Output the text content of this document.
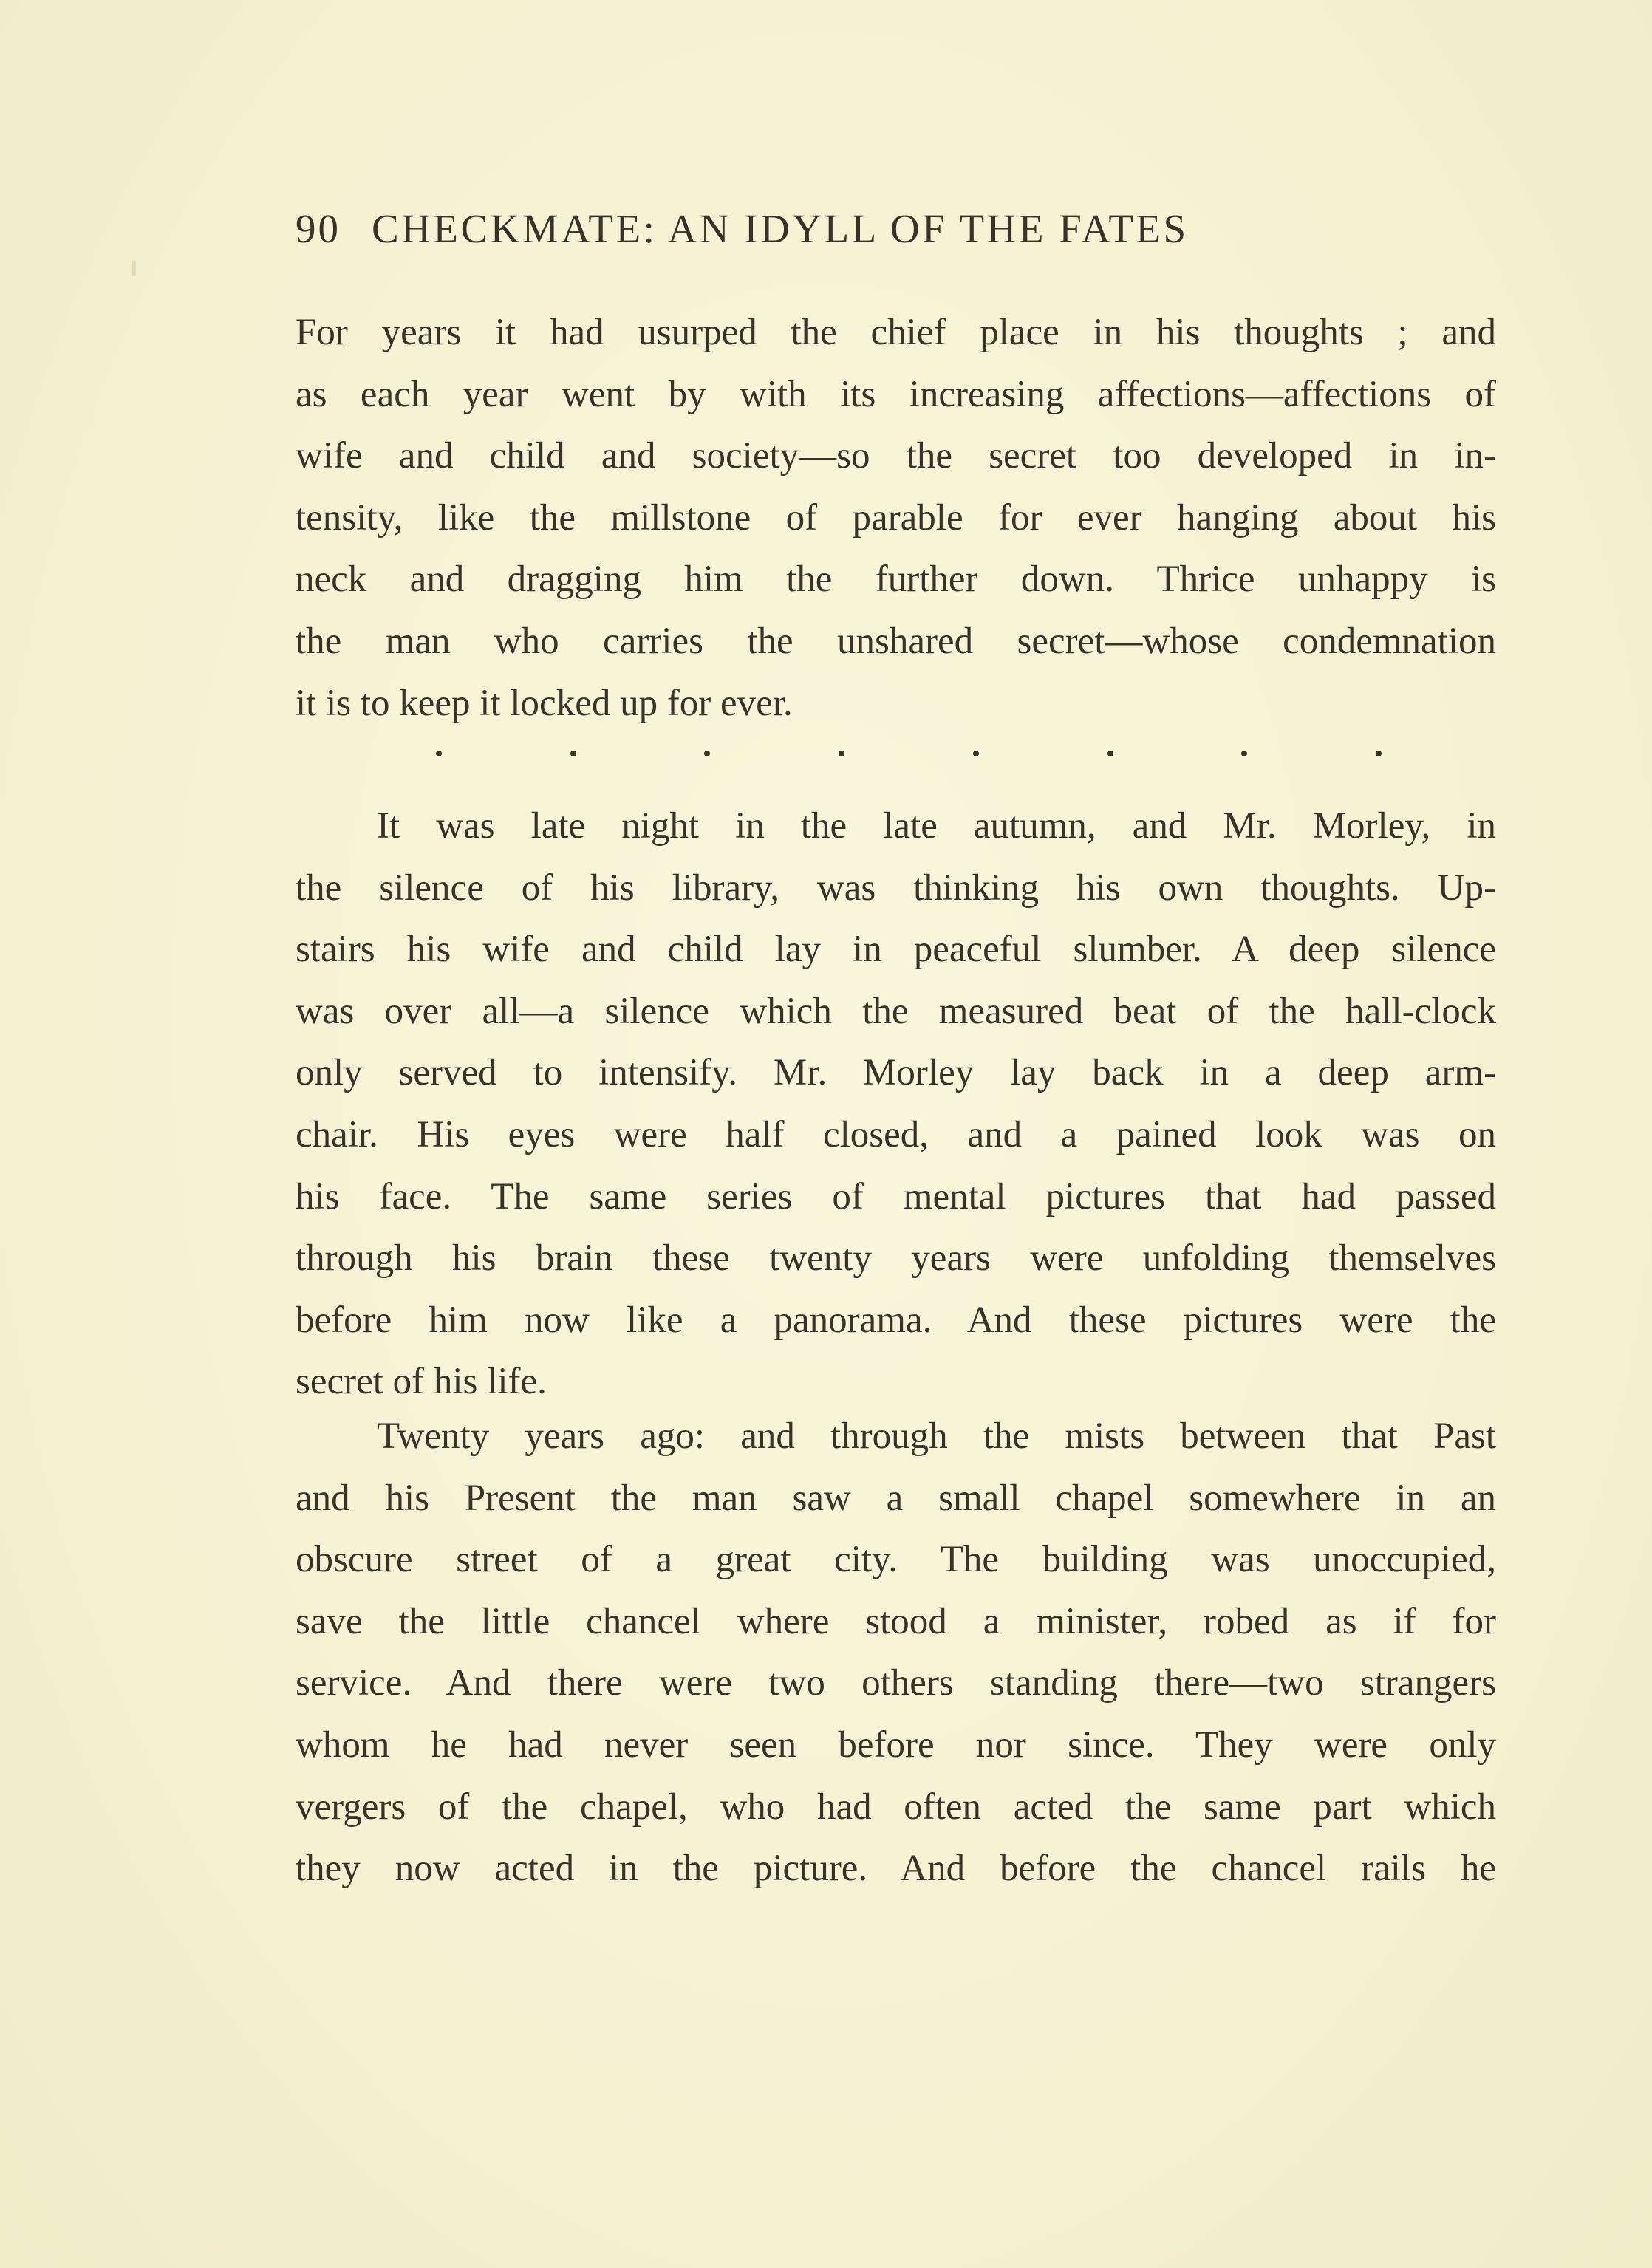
90 CHECKMATE: AN IDYLL OF THE FATES
For years it had usurped the chief place in his thoughts ; and
as each year went by with its increasing affections—affections of
wife and child and society—so the secret too developed in in-
tensity, like the millstone of parable for ever hanging about his
neck and dragging him the further down. Thrice unhappy is
the man who carries the unshared secret—whose condemnation
it is to keep it locked up for ever.
It was late night in the late autumn, and Mr. Morley, in
the silence of his library, was thinking his own thoughts. Up-
stairs his wife and child lay in peaceful slumber. A deep silence
was over all—a silence which the measured beat of the hall-clock
only served to intensify. Mr. Morley lay back in a deep arm-
chair. His eyes were half closed, and a pained look was on
his face. The same series of mental pictures that had passed
through his brain these twenty years were unfolding themselves
before him now like a panorama. And these pictures were the
secret of his life.
Twenty years ago: and through the mists between that Past
and his Present the man saw a small chapel somewhere in an
obscure street of a great city. The building was unoccupied,
save the little chancel where stood a minister, robed as if for
service. And there were two others standing there—two strangers
whom he had never seen before nor since. They were only
vergers of the chapel, who had often acted the same part which
they now acted in the picture. And before the chancel rails he
